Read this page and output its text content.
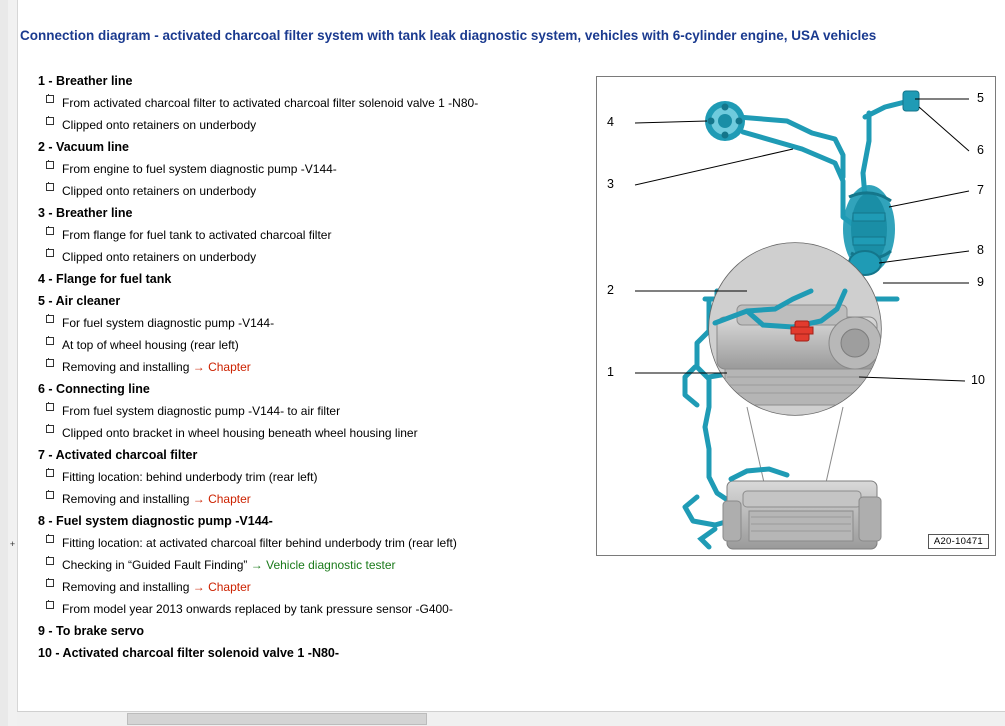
+
Connection diagram - activated charcoal filter system with tank leak diagnostic system, vehicles with 6-cylinder engine, USA vehicles
1 - Breather line
From activated charcoal filter to activated charcoal filter solenoid valve 1 -N80-
Clipped onto retainers on underbody
2 - Vacuum line
From engine to fuel system diagnostic pump -V144-
Clipped onto retainers on underbody
3 - Breather line
From flange for fuel tank to activated charcoal filter
Clipped onto retainers on underbody
4 - Flange for fuel tank
5 - Air cleaner
For fuel system diagnostic pump -V144-
At top of wheel housing (rear left)
Removing and installing → Chapter
6 - Connecting line
From fuel system diagnostic pump -V144- to air filter
Clipped onto bracket in wheel housing beneath wheel housing liner
7 - Activated charcoal filter
Fitting location: behind underbody trim (rear left)
Removing and installing → Chapter
8 - Fuel system diagnostic pump -V144-
Fitting location: at activated charcoal filter behind underbody trim (rear left)
Checking in “Guided Fault Finding” → Vehicle diagnostic tester
Removing and installing → Chapter
From model year 2013 onwards replaced by tank pressure sensor -G400-
9 - To brake servo
10 - Activated charcoal filter solenoid valve 1 -N80-
1
2
3
4
5
6
7
8
9
10
A20-10471
